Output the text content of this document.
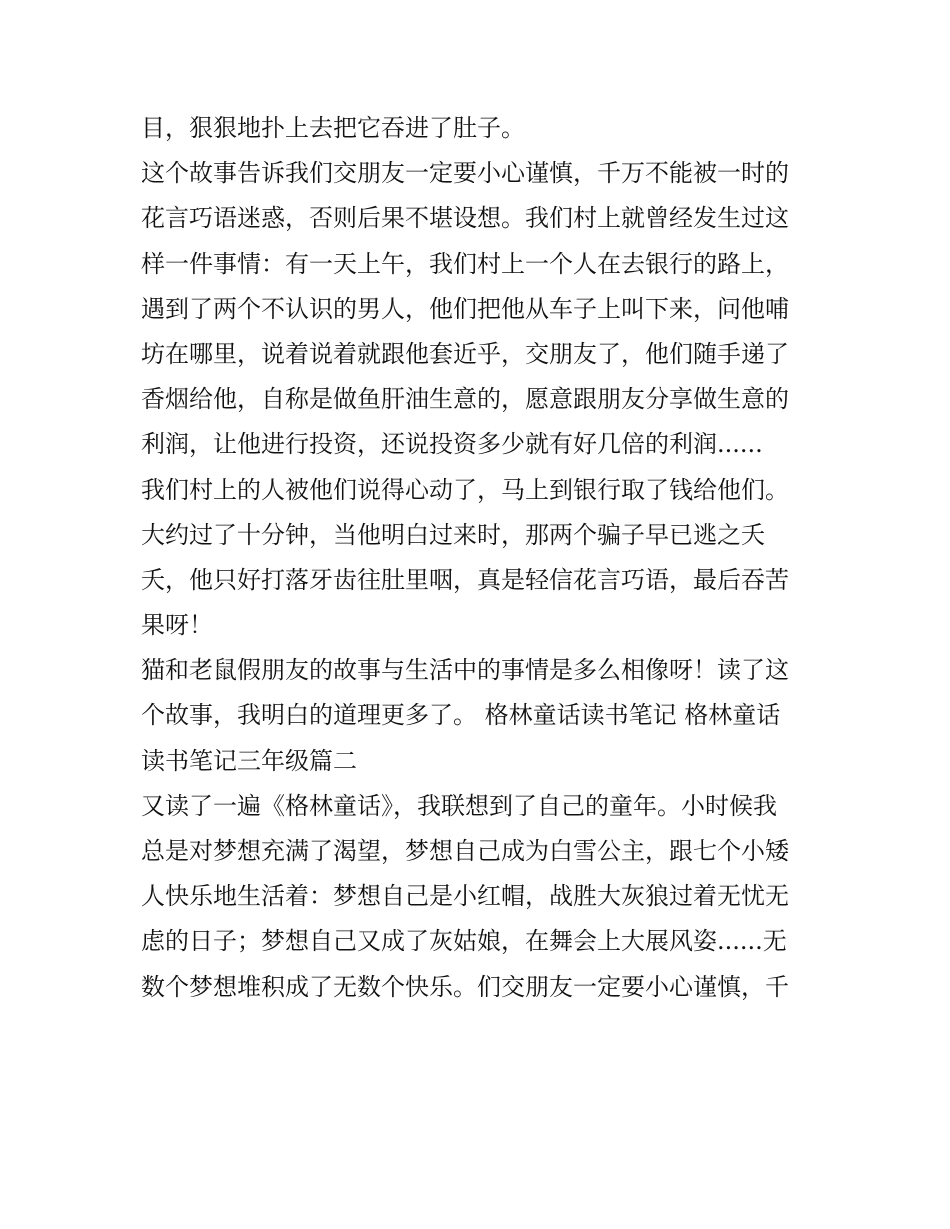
目，狠狠地扑上去把它吞进了肚子。
这个故事告诉我们交朋友一定要小心谨慎，千万不能被一时的
花言巧语迷惑，否则后果不堪设想。我们村上就曾经发生过这
样一件事情：有一天上午，我们村上一个人在去银行的路上，
遇到了两个不认识的男人，他们把他从车子上叫下来，问他哺
坊在哪里，说着说着就跟他套近乎，交朋友了，他们随手递了
香烟给他，自称是做鱼肝油生意的，愿意跟朋友分享做生意的
利润，让他进行投资，还说投资多少就有好几倍的利润......
我们村上的人被他们说得心动了，马上到银行取了钱给他们。
大约过了十分钟，当他明白过来时，那两个骗子早已逃之夭
夭，他只好打落牙齿往肚里咽，真是轻信花言巧语，最后吞苦
果呀！
猫和老鼠假朋友的故事与生活中的事情是多么相像呀！读了这
个故事，我明白的道理更多了。 格林童话读书笔记 格林童话
读书笔记三年级篇二
又读了一遍《格林童话》，我联想到了自己的童年。小时候我
总是对梦想充满了渴望，梦想自己成为白雪公主，跟七个小矮
人快乐地生活着：梦想自己是小红帽，战胜大灰狼过着无忧无
虑的日子；梦想自己又成了灰姑娘，在舞会上大展风姿......无
数个梦想堆积成了无数个快乐。们交朋友一定要小心谨慎，千
